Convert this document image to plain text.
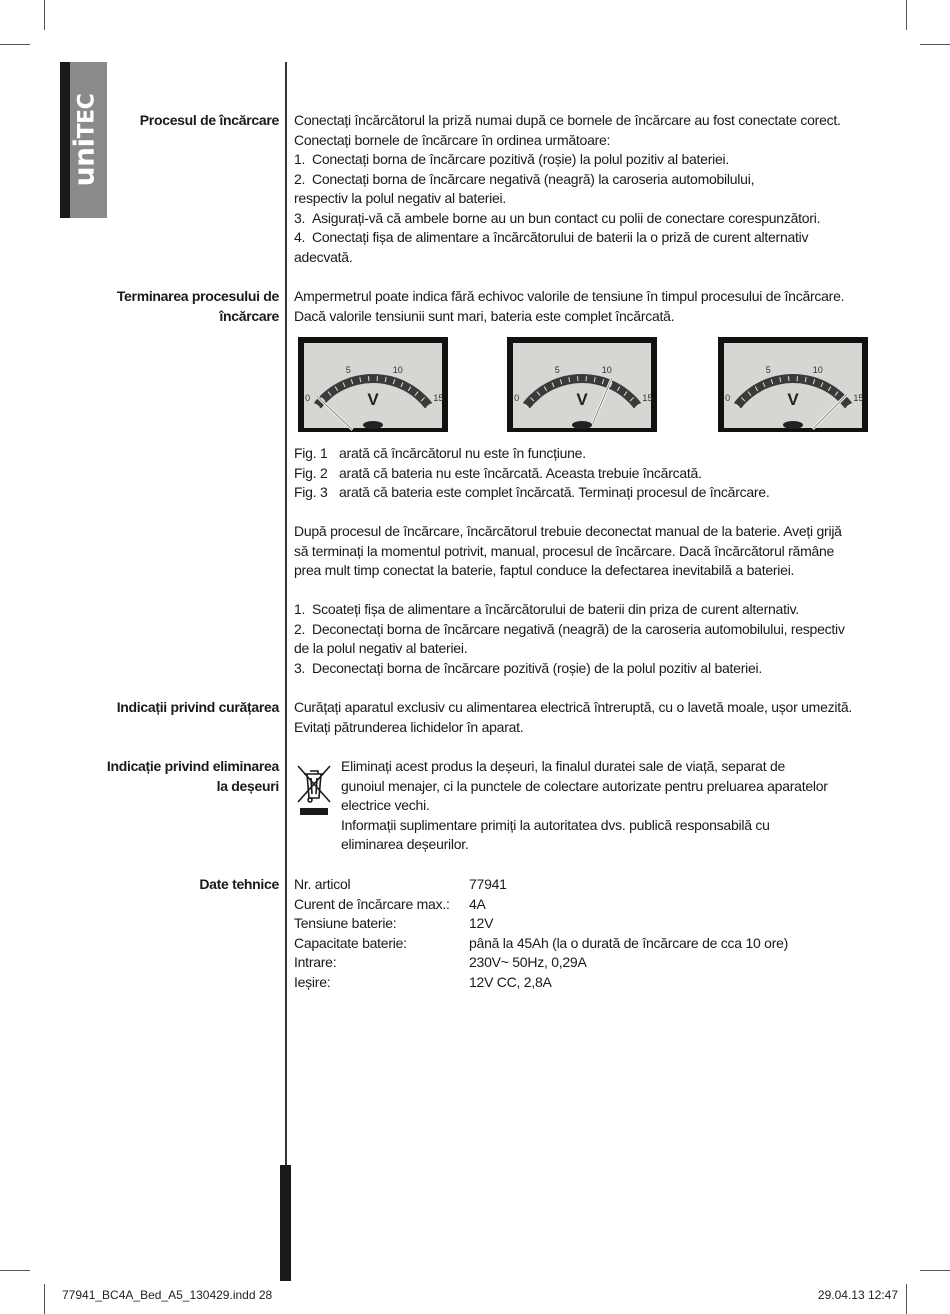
uniTEC	Procesul de încărcare Conectați încărcătorul la priză numai după ce bornele de încărcare au fost conectate corect.
Conectați bornele de încărcare în ordinea următoare:
1. Conectați borna de încărcare pozitivă (roșie) la polul pozitiv al bateriei.
2. Conectați borna de încărcare negativă (neagră) la caroseria automobilului,
respectiv la polul negativ al bateriei.
3. Asigurați-vă că ambele borne au un bun contact cu polii de conectare corespunzători.
4. Conectați fișa de alimentare a încărcătorului de baterii la o priză de curent alternativ
adecvată.
Terminarea procesului de
încărcare
Ampermetrul poate indica fără echivoc valorile de tensiune în timpul procesului de încărcare.
Dacă valorile tensiunii sunt mari, bateria este complet încărcată.
0
5	10
15
V	0
5	10
15
V	0
5	10
15
V
Fig. 1 arată că încărcătorul nu este în funcțiune.
Fig. 2 arată că bateria nu este încărcată. Aceasta trebuie încărcată.
Fig. 3 arată că bateria este complet încărcată. Terminați procesul de încărcare.
După procesul de încărcare, încărcătorul trebuie deconectat manual de la baterie. Aveți grijă
să terminați la momentul potrivit, manual, procesul de încărcare. Dacă încărcătorul rămâne
prea mult timp conectat la baterie, faptul conduce la defectarea inevitabilă a bateriei.
1. Scoateți fișa de alimentare a încărcătorului de baterii din priza de curent alternativ.
2. Deconectați borna de încărcare negativă (neagră) de la caroseria automobilului, respectiv
de la polul negativ al bateriei.
3. Deconectați borna de încărcare pozitivă (roșie) de la polul pozitiv al bateriei.
Indicații privind curățarea Curățați aparatul exclusiv cu alimentarea electrică întreruptă, cu o lavetă moale, ușor umezită.
Evitați pătrunderea lichidelor în aparat.
Indicație privind eliminarea
la deșeuri
Eliminați acest produs la deșeuri, la finalul duratei sale de viață, separat de
gunoiul menajer, ci la punctele de colectare autorizate pentru preluarea aparatelor
electrice vechi.
Informații suplimentare primiți la autoritatea dvs. publică responsabilă cu
eliminarea deșeurilor.
Date tehnice Nr. articol	77941
Curent de încărcare max.: 4A
Tensiune baterie:	12V
Capacitate baterie:	până la 45Ah (la o durată de încărcare de cca 10 ore)
Intrare:	230V~ 50Hz, 0,29A
Ieșire:	12V CC, 2,8A
77941_BC4A_Bed_A5_130429.indd 28	29.04.13 12:47
